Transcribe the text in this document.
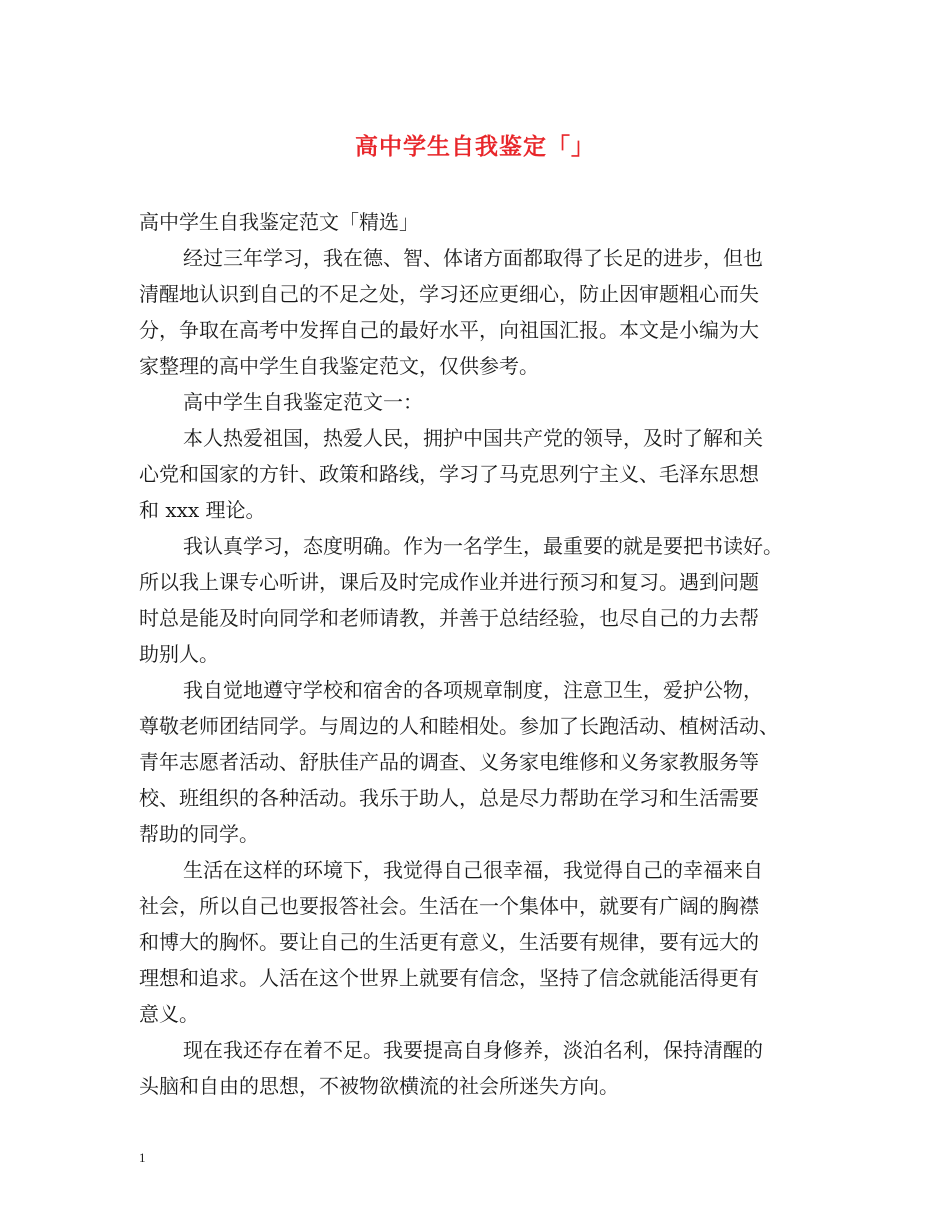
高中学生自我鉴定「」
高中学生自我鉴定范文「精选」
经过三年学习，我在德、智、体诸方面都取得了长足的进步，但也
清醒地认识到自己的不足之处，学习还应更细心，防止因审题粗心而失
分，争取在高考中发挥自己的最好水平，向祖国汇报。本文是小编为大
家整理的高中学生自我鉴定范文，仅供参考。
高中学生自我鉴定范文一：
本人热爱祖国，热爱人民，拥护中国共产党的领导，及时了解和关
心党和国家的方针、政策和路线，学习了马克思列宁主义、毛泽东思想
和 xxx 理论。
我认真学习，态度明确。作为一名学生，最重要的就是要把书读好。
所以我上课专心听讲，课后及时完成作业并进行预习和复习。遇到问题
时总是能及时向同学和老师请教，并善于总结经验，也尽自己的力去帮
助别人。
我自觉地遵守学校和宿舍的各项规章制度，注意卫生，爱护公物，
尊敬老师团结同学。与周边的人和睦相处。参加了长跑活动、植树活动、
青年志愿者活动、舒肤佳产品的调查、义务家电维修和义务家教服务等
校、班组织的各种活动。我乐于助人，总是尽力帮助在学习和生活需要
帮助的同学。
生活在这样的环境下，我觉得自己很幸福，我觉得自己的幸福来自
社会，所以自己也要报答社会。生活在一个集体中，就要有广阔的胸襟
和博大的胸怀。要让自己的生活更有意义，生活要有规律，要有远大的
理想和追求。人活在这个世界上就要有信念，坚持了信念就能活得更有
意义。
现在我还存在着不足。我要提高自身修养，淡泊名利，保持清醒的
头脑和自由的思想，不被物欲横流的社会所迷失方向。
1
